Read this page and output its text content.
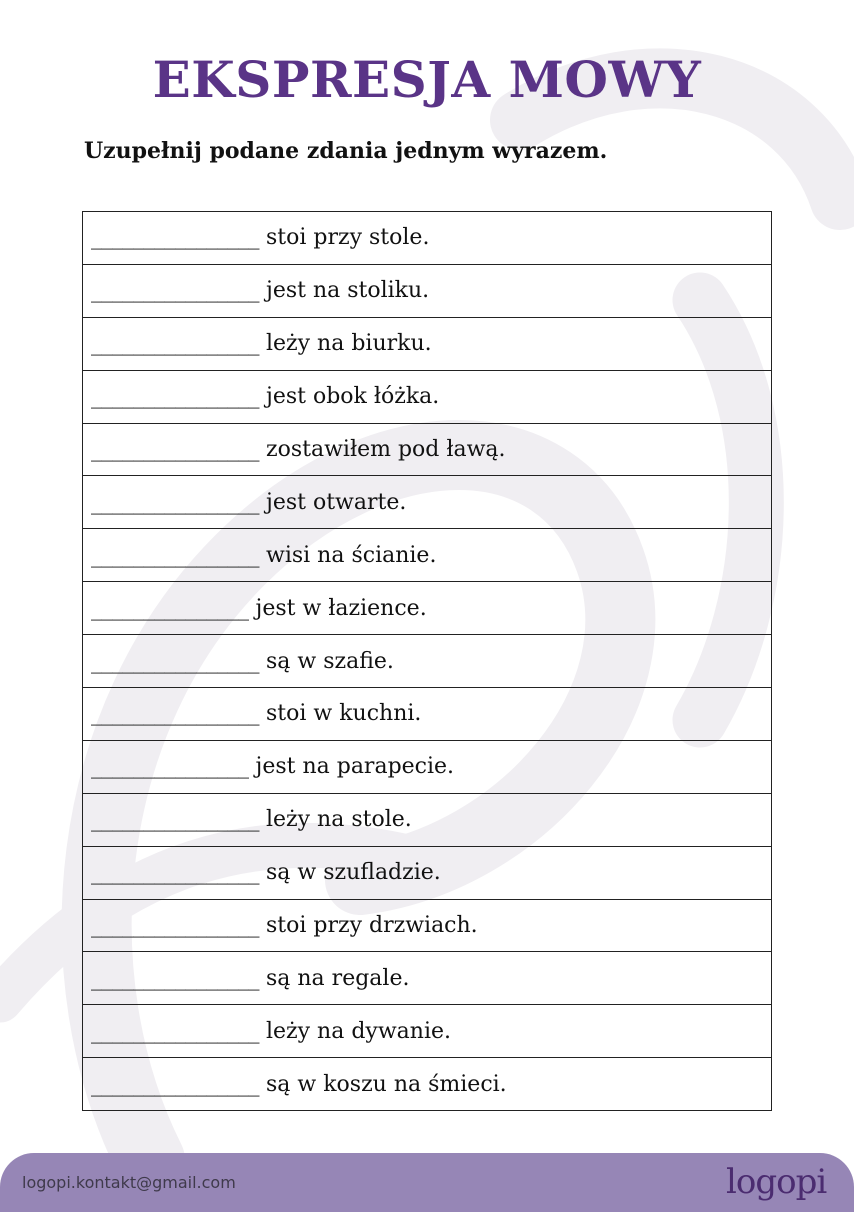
EKSPRESJA MOWY
Uzupełnij podane zdania jednym wyrazem.
________________ stoi przy stole.
________________ jest na stoliku.
________________ leży na biurku.
________________ jest obok łóżka.
________________ zostawiłem pod ławą.
________________ jest otwarte.
________________ wisi na ścianie.
_______________ jest w łazience.
________________ są w szafie.
________________ stoi w kuchni.
_______________ jest na parapecie.
________________ leży na stole.
________________ są w szufladzie.
________________ stoi przy drzwiach.
________________ są na regale.
________________ leży na dywanie.
________________ są w koszu na śmieci.
logopi.kontakt@gmail.com	logopi
